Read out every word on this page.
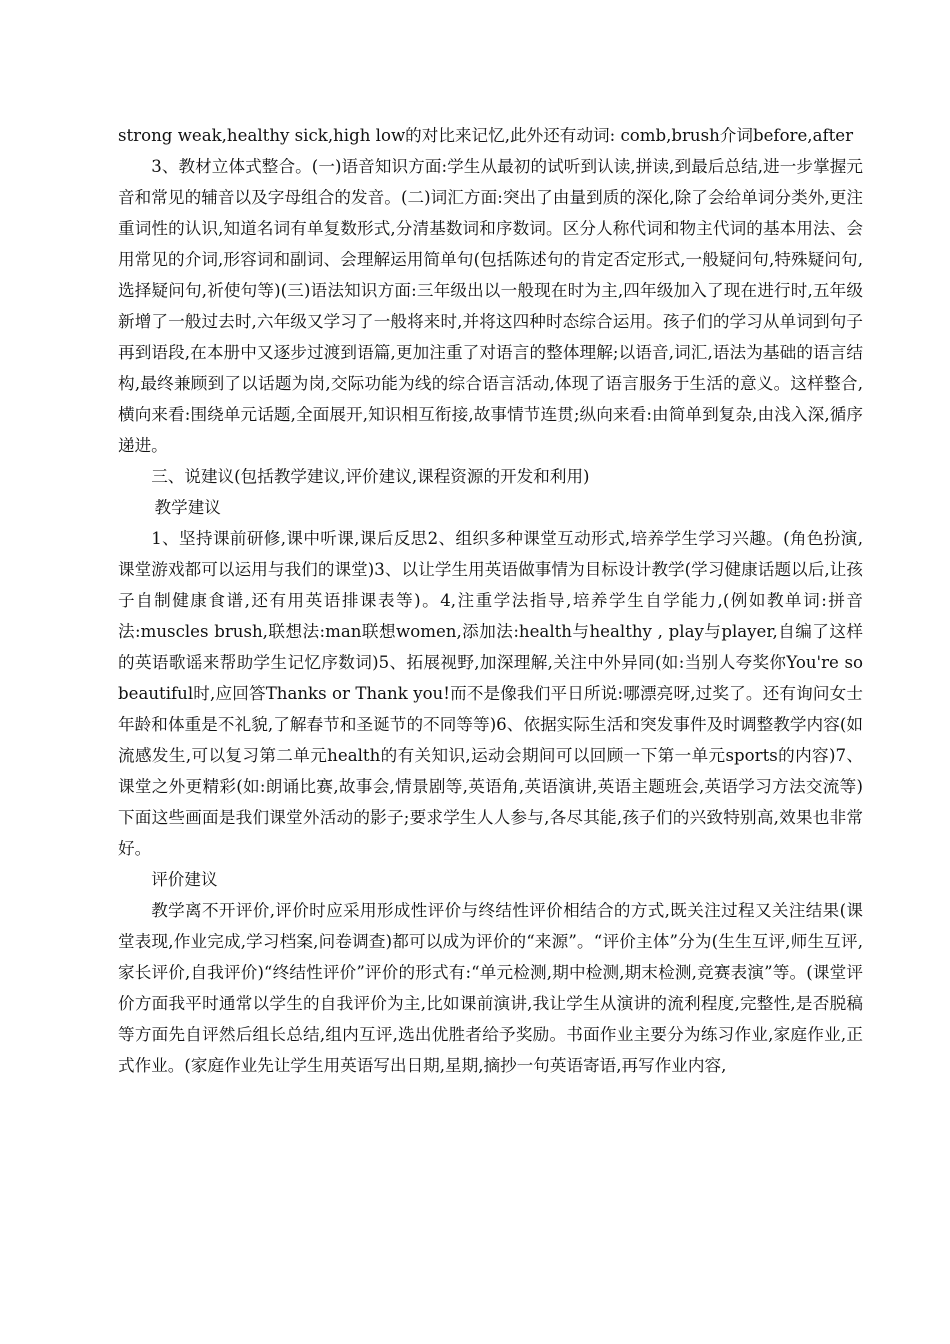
strong weak,healthy sick,high low的对比来记忆,此外还有动词: comb,brush介词before,after

3、教材立体式整合。(一)语音知识方面:学生从最初的试听到认读,拼读,到最后总结,进一步掌握元音和常见的辅音以及字母组合的发音。(二)词汇方面:突出了由量到质的深化,除了会给单词分类外,更注重词性的认识,知道名词有单复数形式,分清基数词和序数词。区分人称代词和物主代词的基本用法、会用常见的介词,形容词和副词、会理解运用简单句(包括陈述句的肯定否定形式,一般疑问句,特殊疑问句,选择疑问句,祈使句等)(三)语法知识方面:三年级出以一般现在时为主,四年级加入了现在进行时,五年级新增了一般过去时,六年级又学习了一般将来时,并将这四种时态综合运用。孩子们的学习从单词到句子再到语段,在本册中又逐步过渡到语篇,更加注重了对语言的整体理解;以语音,词汇,语法为基础的语言结构,最终兼顾到了以话题为岗,交际功能为线的综合语言活动,体现了语言服务于生活的意义。这样整合,横向来看:围绕单元话题,全面展开,知识相互衔接,故事情节连贯;纵向来看:由简单到复杂,由浅入深,循序递进。

三、说建议(包括教学建议,评价建议,课程资源的开发和利用)

教学建议

1、坚持课前研修,课中听课,课后反思2、组织多种课堂互动形式,培养学生学习兴趣。(角色扮演,课堂游戏都可以运用与我们的课堂)3、以让学生用英语做事情为目标设计教学(学习健康话题以后,让孩子自制健康食谱,还有用英语排课表等)。4,注重学法指导,培养学生自学能力,(例如教单词:拼音法:muscles brush,联想法:man联想women,添加法:health与healthy , play与player,自编了这样的英语歌谣来帮助学生记忆序数词)5、拓展视野,加深理解,关注中外异同(如:当别人夸奖你You're so beautiful时,应回答Thanks or Thank you!而不是像我们平日所说:哪漂亮呀,过奖了。还有询问女士年龄和体重是不礼貌,了解春节和圣诞节的不同等等)6、依据实际生活和突发事件及时调整教学内容(如流感发生,可以复习第二单元health的有关知识,运动会期间可以回顾一下第一单元sports的内容)7、课堂之外更精彩(如:朗诵比赛,故事会,情景剧等,英语角,英语演讲,英语主题班会,英语学习方法交流等)下面这些画面是我们课堂外活动的影子;要求学生人人参与,各尽其能,孩子们的兴致特别高,效果也非常好。

评价建议

教学离不开评价,评价时应采用形成性评价与终结性评价相结合的方式,既关注过程又关注结果(课堂表现,作业完成,学习档案,问卷调查)都可以成为评价的“来源”。“评价主体”分为(生生互评,师生互评,家长评价,自我评价)“终结性评价”评价的形式有:“单元检测,期中检测,期末检测,竞赛表演”等。(课堂评价方面我平时通常以学生的自我评价为主,比如课前演讲,我让学生从演讲的流利程度,完整性,是否脱稿等方面先自评然后组长总结,组内互评,选出优胜者给予奖励。书面作业主要分为练习作业,家庭作业,正式作业。(家庭作业先让学生用英语写出日期,星期,摘抄一句英语寄语,再写作业内容,
